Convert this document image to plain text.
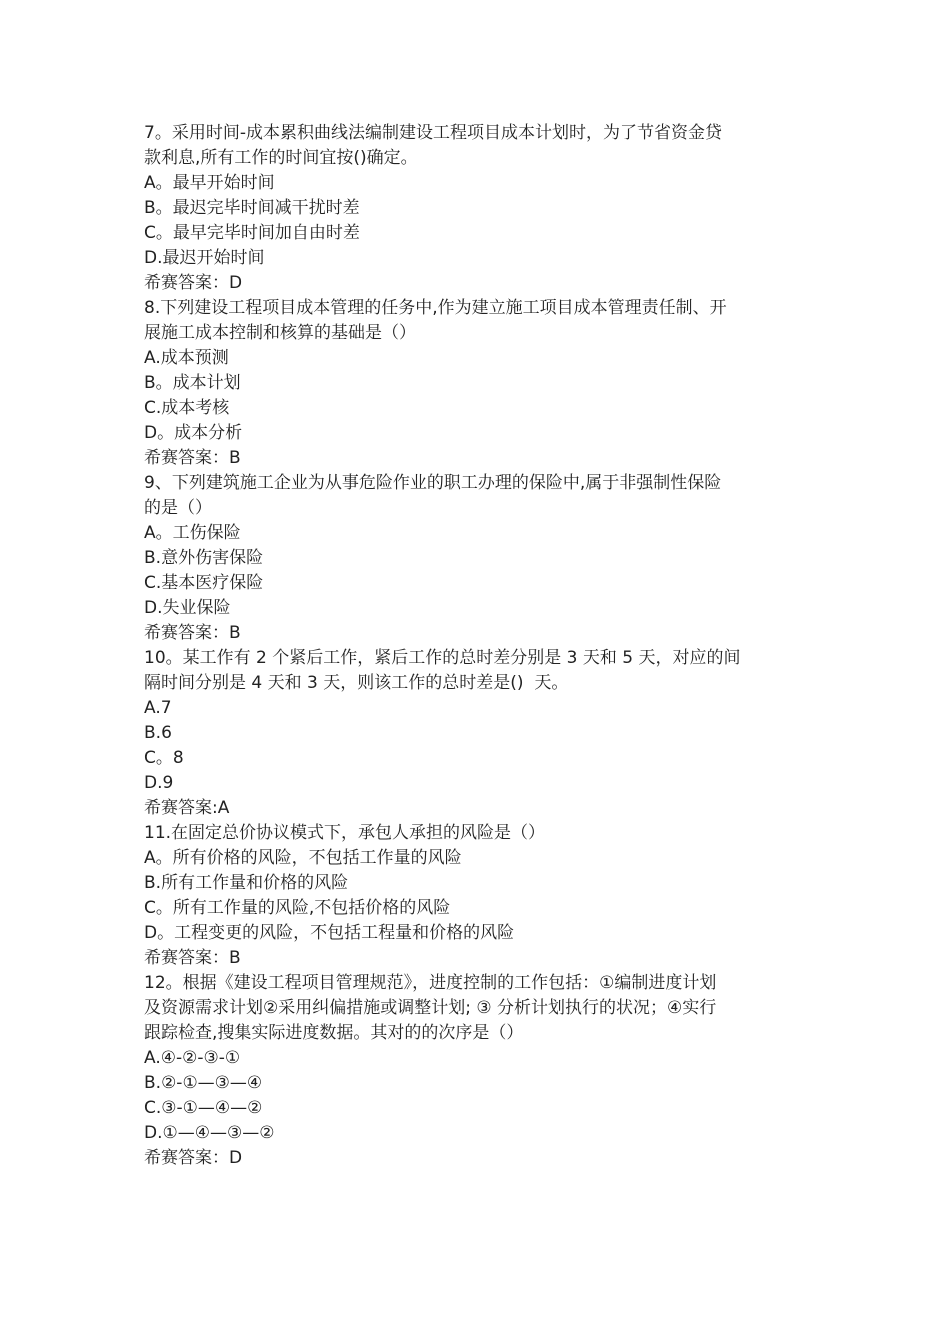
7。采用时间-成本累积曲线法编制建设工程项目成本计划时，为了节省资金贷
款利息,所有工作的时间宜按()确定。
A。最早开始时间
B。最迟完毕时间减干扰时差
C。最早完毕时间加自由时差
D.最迟开始时间
希赛答案：D
8.下列建设工程项目成本管理的任务中,作为建立施工项目成本管理责任制、开
展施工成本控制和核算的基础是（）
A.成本预测
B。成本计划
C.成本考核
D。成本分析
希赛答案：B
9、下列建筑施工企业为从事危险作业的职工办理的保险中,属于非强制性保险
的是（）
A。工伤保险
B.意外伤害保险
C.基本医疗保险
D.失业保险
希赛答案：B
10。某工作有 2 个紧后工作，紧后工作的总时差分别是 3 天和 5 天，对应的间
隔时间分别是 4 天和 3 天，则该工作的总时差是()  天。
A.7
B.6
C。8
D.9
希赛答案:A
11.在固定总价协议模式下，承包人承担的风险是（）
A。所有价格的风险，不包括工作量的风险
B.所有工作量和价格的风险
C。所有工作量的风险,不包括价格的风险
D。工程变更的风险，不包括工程量和价格的风险
希赛答案：B
12。根据《建设工程项目管理规范》，进度控制的工作包括：①编制进度计划
及资源需求计划②采用纠偏措施或调整计划; ③ 分析计划执行的状况；④实行
跟踪检查,搜集实际进度数据。其对的的次序是（）
A.④-②-③-①
B.②-①—③—④
C.③-①—④—②
D.①—④—③—②
希赛答案：D
